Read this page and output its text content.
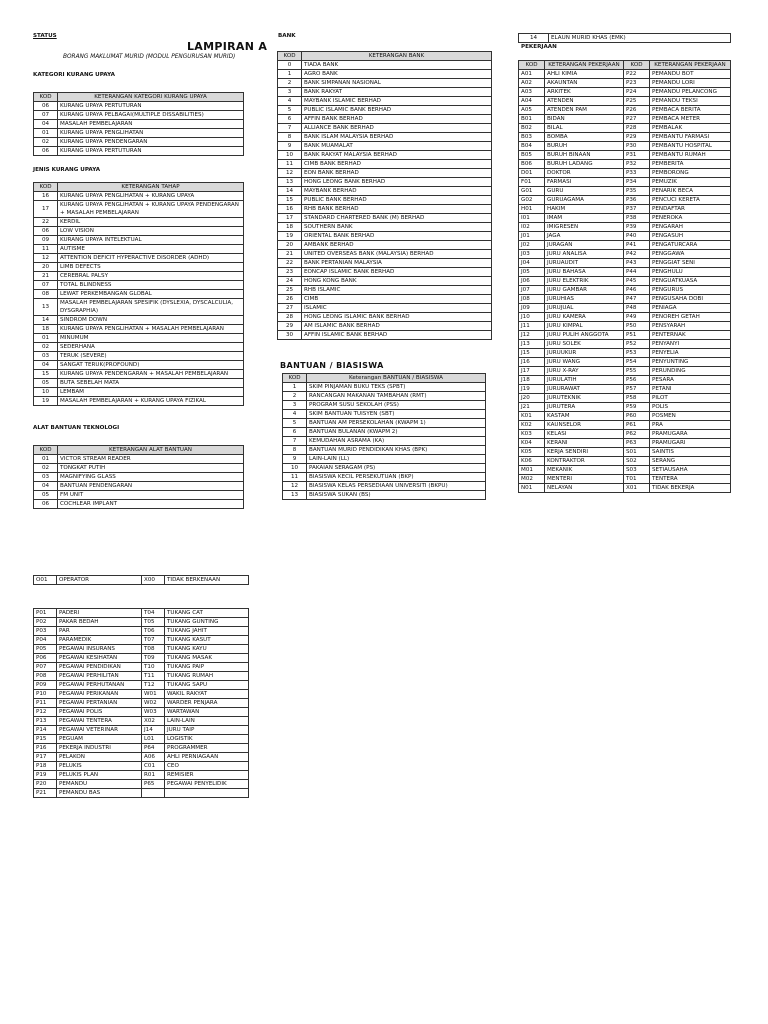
STATUS
LAMPIRAN A
BORANG MAKLUMAT MURID (MODUL PENGURUSAN MURID)
KATEGORI KURANG UPAYA
KOD	KETERANGAN KATEGORI KURANG UPAYA
06	KURANG UPAYA PERTUTURAN
07	KURANG UPAYA PELBAGAI(MULTIPLE DISSABILITIES)
04	MASALAH PEMBELAJARAN
01	KURANG UPAYA PENGLIHATAN
02	KURANG UPAYA PENDENGARAN
06	KURANG UPAYA PERTUTURAN
JENIS KURANG UPAYA
KOD	KETERANGAN TAHAP
16	KURANG UPAYA PENGLIHATAN + KURANG UPAYA
17	KURANG UPAYA PENGLIHATAN + KURANG UPAYA PENDENGARAN + MASALAH PEMBELAJARAN
22	KERDIL
06	LOW VISION
09	KURANG UPAYA INTELEKTUAL
11	AUTISME
12	ATTENTION DEFICIT HYPERACTIVE DISORDER (ADHD)
20	LIMB DEFECTS
21	CEREBRAL PALSY
07	TOTAL BLINDNESS
08	LEWAT PERKEMBANGAN GLOBAL
13	MASALAH PEMBELAJARAN SPESIFIK (DYSLEXIA, DYSCALCULIA, DYSGRAPHIA)
14	SINDROM DOWN
18	KURANG UPAYA PENGLIHATAN + MASALAH PEMBELAJARAN
01	MINUMUM
02	SEDERHANA
03	TERUK (SEVERE)
04	SANGAT TERUK(PROFOUND)
15	KURANG UPAYA PENDENGARAN + MASALAH PEMBELAJARAN
05	BUTA SEBELAH MATA
10	LEMBAM
19	MASALAH PEMBELAJARAN + KURANG UPAYA FIZIKAL
ALAT BANTUAN TEKNOLOGI
KOD	KETERANGAN ALAT BANTUAN
01	VICTOR STREAM READER
02	TONGKAT PUTIH
03	MAGNIFYING GLASS
04	BANTUAN PENDENGARAN
05	FM UNIT
06	COCHLEAR IMPLANT
BANK
KOD	KETERANGAN BANK
0	TIADA BANK
1	AGRO BANK
2	BANK SIMPANAN NASIONAL
3	BANK RAKYAT
4	MAYBANK ISLAMIC BERHAD
5	PUBLIC ISLAMIC BANK BERHAD
6	AFFIN BANK BERHAD
7	ALLIANCE BANK BERHAD
8	BANK ISLAM MALAYSIA BERHAD
9	BANK MUAMALAT
10	BANK RAKYAT MALAYSIA BERHAD
11	CIMB BANK BERHAD
12	EON BANK BERHAD
13	HONG LEONG BANK BERHAD
14	MAYBANK BERHAD
15	PUBLIC BANK BERHAD
16	RHB BANK BERHAD
17	STANDARD CHARTERED BANK (M) BERHAD
18	SOUTHERN BANK
19	ORIENTAL BANK BERHAD
20	AMBANK BERHAD
21	UNITED OVERSEAS BANK (MALAYSIA) BERHAD
22	BANK PERTANIAN MALAYSIA
23	EONCAP ISLAMIC BANK BERHAD
24	HONG KONG BANK
25	RHB ISLAMIC
26	CIMB
27	ISLAMIC
28	HONG LEONG ISLAMIC BANK BERHAD
29	AM ISLAMIC BANK BERHAD
30	AFFIN ISLAMIC BANK BERHAD
BANTUAN / BIASISWA
KOD	Keterangan BANTUAN / BIASISWA
1	SKIM PINJAMAN BUKU TEKS (SPBT)
2	RANCANGAN MAKANAN TAMBAHAN (RMT)
3	PROGRAM SUSU SEKOLAH (PSS)
4	SKIM BANTUAN TUISYEN (SBT)
5	BANTUAN AM PERSEKOLAHAN (KWAPM 1)
6	BANTUAN BULANAN (KWAPM 2)
7	KEMUDAHAN ASRAMA (KA)
8	BANTUAN MURID PENDIDIKAN KHAS (BPK)
9	LAIN-LAIN (LL)
10	PAKAIAN SERAGAM (PS)
11	BIASISWA KECIL PERSEKUTUAN (BKP)
12	BIASISWA KELAS PERSEDIAAN UNIVERSITI (BKPU)
13	BIASISWA SUKAN (BS)
14	ELAUN MURID KHAS (EMK)
PEKERJAAN
KOD	KETERANGAN PEKERJAAN	KOD	KETERANGAN PEKERJAAN
A01	AHLI KIMIA	P22	PEMANDU BOT
A02	AKAUNTAN	P23	PEMANDU LORI
A03	ARKITEK	P24	PEMANDU PELANCONG
A04	ATENDEN	P25	PEMANDU TEKSI
A05	ATENDEN PAM	P26	PEMBACA BERITA
B01	BIDAN	P27	PEMBACA METER
B02	BILAL	P28	PEMBALAK
B03	BOMBA	P29	PEMBANTU FARMASI
B04	BURUH	P30	PEMBANTU HOSPITAL
B05	BURUH BINAAN	P31	PEMBANTU RUMAH
B06	BURUH LADANG	P32	PEMBERITA
D01	DOKTOR	P33	PEMBORONG
F01	FARMASI	P34	PEMUZIK
G01	GURU	P35	PENARIK BECA
G02	GURUAGAMA	P36	PENCUCI KERETA
H01	HAKIM	P37	PENDAFTAR
I01	IMAM	P38	PENEROKA
I02	IMIGRESEN	P39	PENGARAH
J01	JAGA	P40	PENGASUH
J02	JURAGAN	P41	PENGATURCARA
J03	JURU ANALISA	P42	PENGGAWA
J04	JURUAUDIT	P43	PENGGIAT SENI
J05	JURU BAHASA	P44	PENGHULU
J06	JURU ELEKTRIK	P45	PENGUATKUASA
J07	JURU GAMBAR	P46	PENGURUS
J08	JURUHIAS	P47	PENGUSAHA DOBI
J09	JURUJUAL	P48	PENIAGA
J10	JURU KAMERA	P49	PENOREH GETAH
J11	JURU KIMPAL	P50	PENSYARAH
J12	JURU PULIH ANGGOTA	P51	PENTERNAK
J13	JURU SOLEK	P52	PENYANYI
J15	JURUUKUR	P53	PENYELIA
J16	JURU WANG	P54	PENYUNTING
J17	JURU X-RAY	P55	PERUNDING
J18	JURULATIH	P56	PESARA
J19	JURURAWAT	P57	PETANI
J20	JURUTEKNIK	P58	PILOT
J21	JURUTERA	P59	POLIS
K01	KASTAM	P60	POSMEN
K02	KAUNSELOR	P61	PRA
K03	KELASI	P62	PRAMUGARA
K04	KERANI	P63	PRAMUGARI
K05	KERJA SENDIRI	S01	SAINTIS
K06	KONTRAKTOR	S02	SERANG
M01	MEKANIK	S03	SETIAUSAHA
M02	MENTERI	T01	TENTERA
N01	NELAYAN	X01	TIDAK BEKERJA
O01	OPERATOR	X00	TIDAK BERKENAAN
P01	PADERI	T04	TUKANG CAT
P02	PAKAR BEDAH	T05	TUKANG GUNTING
P03	PAR	T06	TUKANG JAHIT
P04	PARAMEDIK	T07	TUKANG KASUT
P05	PEGAWAI INSURANS	T08	TUKANG KAYU
P06	PEGAWAI KESIHATAN	T09	TUKANG MASAK
P07	PEGAWAI PENDIDIKAN	T10	TUKANG PAIP
P08	PEGAWAI PERHILITAN	T11	TUKANG RUMAH
P09	PEGAWAI PERHUTANAN	T12	TUKANG SAPU
P10	PEGAWAI PERIKANAN	W01	WAKIL RAKYAT
P11	PEGAWAI PERTANIAN	W02	WARDER PENJARA
P12	PEGAWAI POLIS	W03	WARTAWAN
P13	PEGAWAI TENTERA	X02	LAIN-LAIN
P14	PEGAWAI VETERINAR	J14	JURU TAIP
P15	PEGUAM	L01	LOGISTIK
P16	PEKERJA INDUSTRI	P64	PROGRAMMER
P17	PELAKON	A06	AHLI PERNIAGAAN
P18	PELUKIS	C01	CEO
P19	PELUKIS PLAN	R01	REMISIER
P20	PEMANDU	P65	PEGAWAI PENYELIDIK
P21	PEMANDU BAS		
